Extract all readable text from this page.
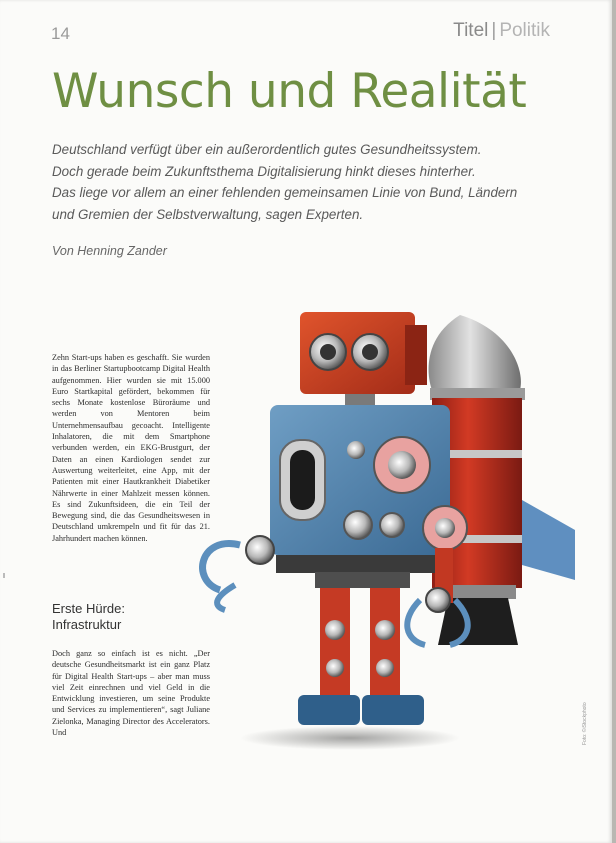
14	Titel | Politik
Wunsch und Realität
Deutschland verfügt über ein außerordentlich gutes Gesundheitssystem.
Doch gerade beim Zukunftsthema Digitalisierung hinkt dieses hinterher.
Das liege vor allem an einer fehlenden gemeinsamen Linie von Bund, Ländern
und Gremien der Selbstverwaltung, sagen Experten.
Von Henning Zander
Zehn Start-ups haben es geschafft. Sie wurden in das Berliner Startupbootcamp Digital Health aufgenommen. Hier wurden sie mit 15.000 Euro Startkapital gefördert, bekommen für sechs Monate kostenlose Büroräume und werden von Mentoren beim Unternehmensaufbau gecoacht. Intelligente Inhalatoren, die mit dem Smartphone verbunden werden, ein EKG-Brustgurt, der Daten an einen Kardiologen sendet zur Auswertung weiterleitet, eine App, mit der Patienten mit einer Hautkrankheit Diabetiker Nährwerte in einer Mahlzeit messen können. Es sind Zukunftsideen, die ein Teil der Bewegung sind, die das Gesundheitswesen in Deutschland umkrempeln und fit für das 21. Jahrhundert machen können.
Erste Hürde:
Infrastruktur
Doch ganz so einfach ist es nicht. „Der deutsche Gesundheitsmarkt ist ein ganz Platz für Digital Health Start-ups – aber man muss viel Zeit einrechnen und viel Geld in die Entwicklung investieren, um seine Produkte und Services zu implementieren“, sagt Juliane Zielonka, Managing Director des Accelerators. Und	Foto: ©iStockphoto
